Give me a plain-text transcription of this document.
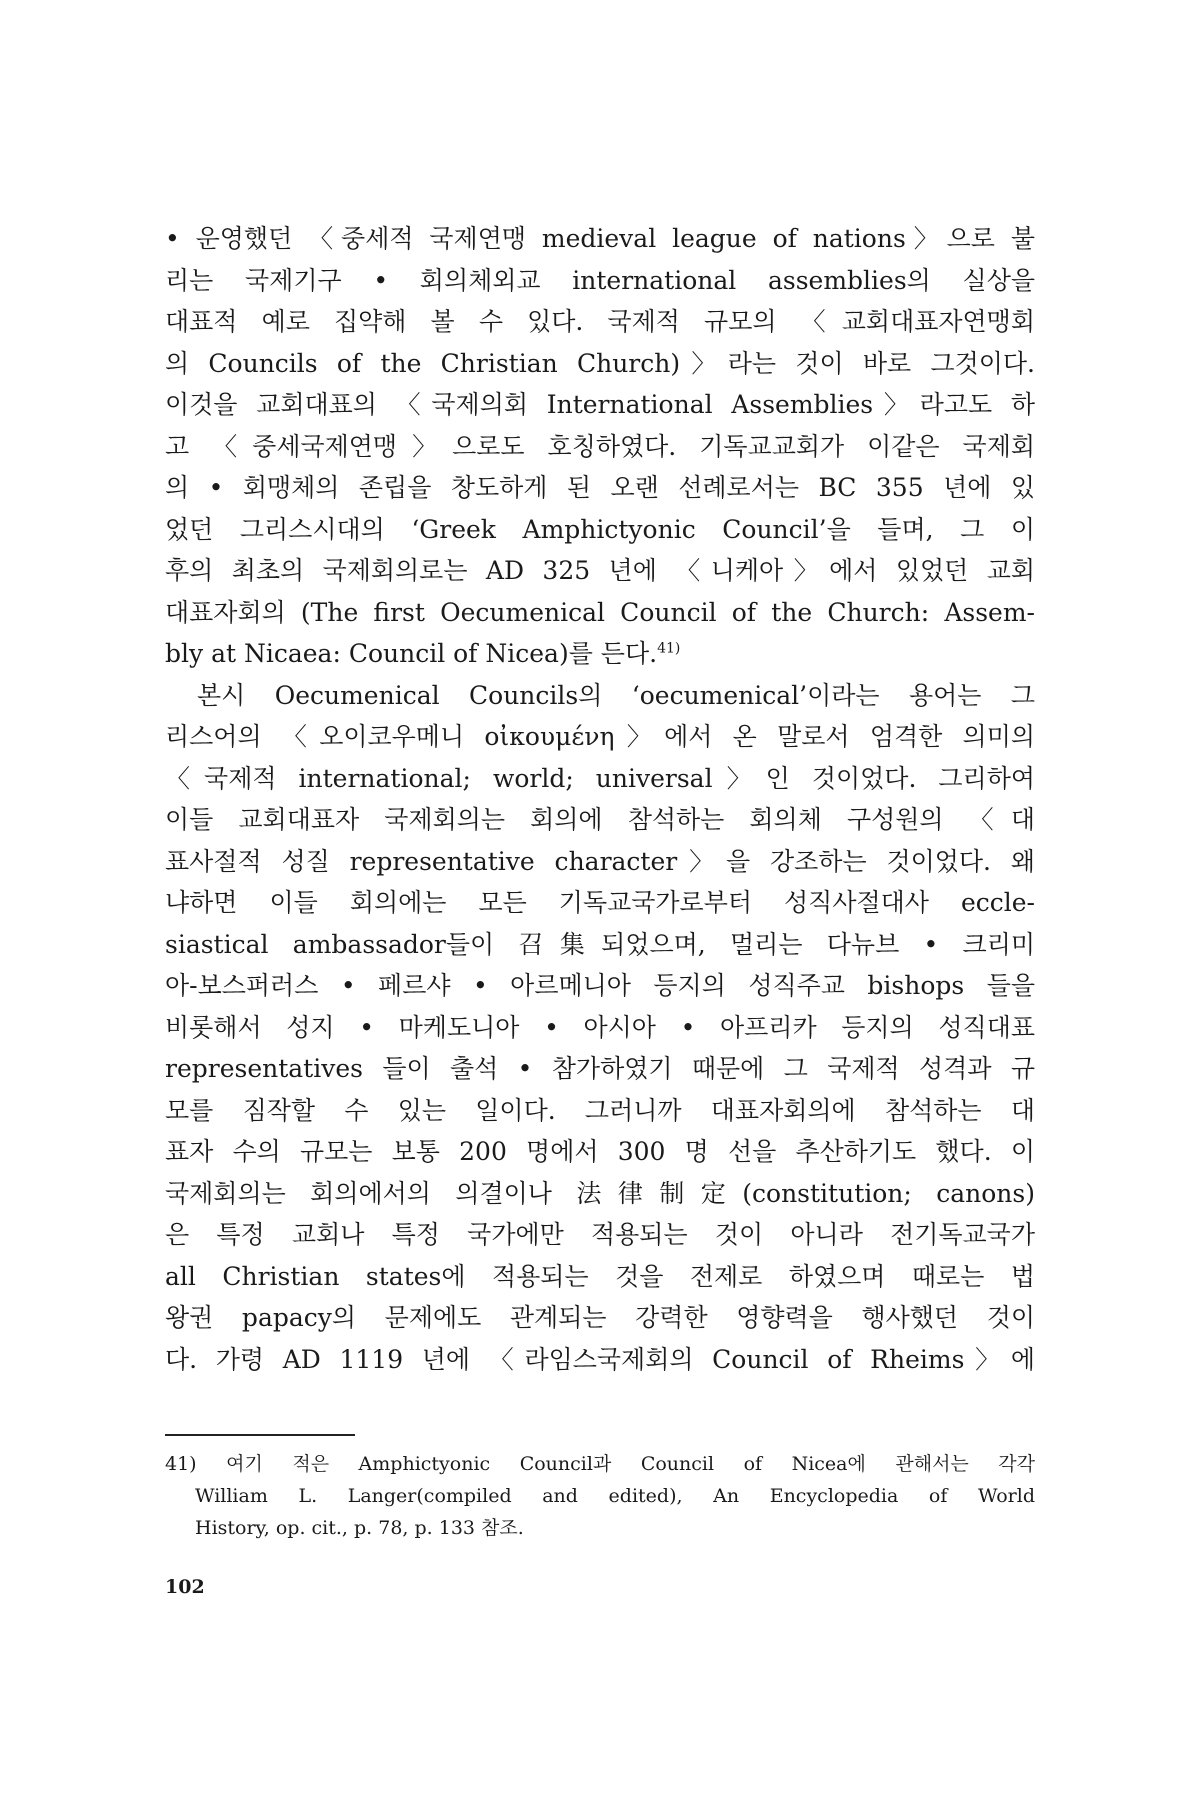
• 운영했던 〈중세적 국제연맹 medieval league of nations〉으로 불
리는 국제기구 • 회의체외교 international assemblies의 실상을
대표적 예로 집약해 볼 수 있다. 국제적 규모의 〈교회대표자연맹회
의 Councils of the Christian Church)〉라는 것이 바로 그것이다.
이것을 교회대표의 〈국제의회 International Assemblies〉라고도 하
고 〈중세국제연맹〉으로도 호칭하였다. 기독교교회가 이같은 국제회
의 • 회맹체의 존립을 창도하게 된 오랜 선례로서는 BC 355 년에 있
었던 그리스시대의 ‘Greek Amphictyonic Council’을 들며, 그 이
후의 최초의 국제회의로는 AD 325 년에 〈니케아〉에서 있었던 교회
대표자회의 (The first Oecumenical Council of the Church: Assem-
bly at Nicaea: Council of Nicea)를 든다.$^{41)}$
본시 Oecumenical Councils의 ‘oecumenical’이라는 용어는 그
리스어의 〈오이코우메니 οἰκουμένη〉에서 온 말로서 엄격한 의미의
〈국제적 international; world; universal〉인 것이었다. 그리하여
이들 교회대표자 국제회의는 회의에 참석하는 회의체 구성원의 〈대
표사절적 성질 representative character〉을 강조하는 것이었다. 왜
냐하면 이들 회의에는 모든 기독교국가로부터 성직사절대사 eccle-
siastical ambassador들이 召集되었으며, 멀리는 다뉴브 • 크리미
아-보스퍼러스 • 페르샤 • 아르메니아 등지의 성직주교 bishops 들을
비롯해서 성지 • 마케도니아 • 아시아 • 아프리카 등지의 성직대표
representatives 들이 출석 • 참가하였기 때문에 그 국제적 성격과 규
모를 짐작할 수 있는 일이다. 그러니까 대표자회의에 참석하는 대
표자 수의 규모는 보통 200 명에서 300 명 선을 추산하기도 했다. 이
국제회의는 회의에서의 의결이나 法律制定(constitution; canons)
은 특정 교회나 특정 국가에만 적용되는 것이 아니라 전기독교국가
all Christian states에 적용되는 것을 전제로 하였으며 때로는 법
왕권 papacy의 문제에도 관계되는 강력한 영향력을 행사했던 것이
다. 가령 AD 1119 년에 〈라임스국제회의 Council of Rheims〉에
41) 여기 적은 Amphictyonic Council과 Council of Nicea에 관해서는 각각
William L. Langer(compiled and edited), An Encyclopedia of World
History, op. cit., p. 78, p. 133 참조.
102
